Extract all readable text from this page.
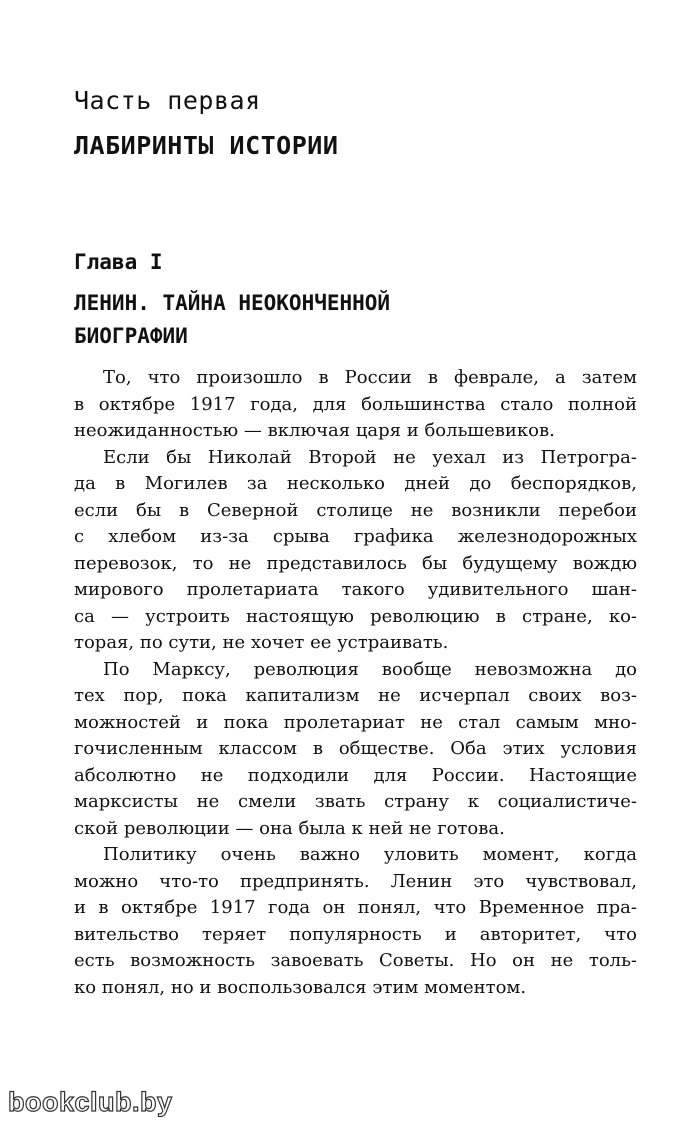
Часть первая
ЛАБИРИНТЫ ИСТОРИИ
Глава I
ЛЕНИН. ТАЙНА НЕОКОНЧЕННОЙ
БИОГРАФИИ
То, что произошло в России в феврале, а затем
в октябре 1917 года, для большинства стало полной
неожиданностью — включая царя и большевиков.
Если бы Николай Второй не уехал из Петрогра-
да в Могилев за несколько дней до беспорядков,
если бы в Северной столице не возникли перебои
с хлебом из-за срыва графика железнодорожных
перевозок, то не представилось бы будущему вождю
мирового пролетариата такого удивительного шан-
са — устроить настоящую революцию в стране, ко-
торая, по сути, не хочет ее устраивать.
По Марксу, революция вообще невозможна до
тех пор, пока капитализм не исчерпал своих воз-
можностей и пока пролетариат не стал самым мно-
гочисленным классом в обществе. Оба этих условия
абсолютно не подходили для России. Настоящие
марксисты не смели звать страну к социалистиче-
ской революции — она была к ней не готова.
Политику очень важно уловить момент, когда
можно что-то предпринять. Ленин это чувствовал,
и в октябре 1917 года он понял, что Временное пра-
вительство теряет популярность и авторитет, что
есть возможность завоевать Советы. Но он не толь-
ко понял, но и воспользовался этим моментом.
bookclub.by
